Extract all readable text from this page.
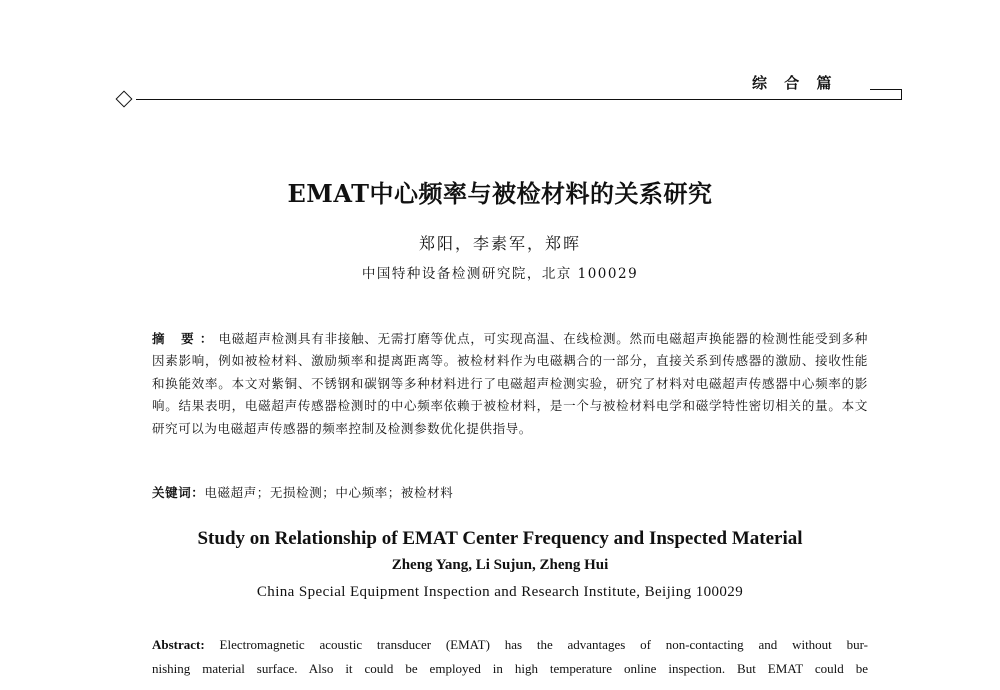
综 合 篇
EMAT中心频率与被检材料的关系研究
郑阳，李素军，郑晖
中国特种设备检测研究院，北京 100029
摘 要：电磁超声检测具有非接触、无需打磨等优点，可实现高温、在线检测。然而电磁超声换能器的检测性能受到多种因素影响，例如被检材料、激励频率和提离距离等。被检材料作为电磁耦合的一部分，直接关系到传感器的激励、接收性能和换能效率。本文对紫铜、不锈钢和碳钢等多种材料进行了电磁超声检测实验，研究了材料对电磁超声传感器中心频率的影响。结果表明，电磁超声传感器检测时的中心频率依赖于被检材料，是一个与被检材料电学和磁学特性密切相关的量。本文研究可以为电磁超声传感器的频率控制及检测参数优化提供指导。
关键词：电磁超声；无损检测；中心频率；被检材料
Study on Relationship of EMAT Center Frequency and Inspected Material
Zheng Yang, Li Sujun, Zheng Hui
China Special Equipment Inspection and Research Institute, Beijing 100029
Abstract: Electromagnetic acoustic transducer (EMAT) has the advantages of non-contacting and without bur-
nishing material surface. Also it could be employed in high temperature online inspection. But EMAT could be
